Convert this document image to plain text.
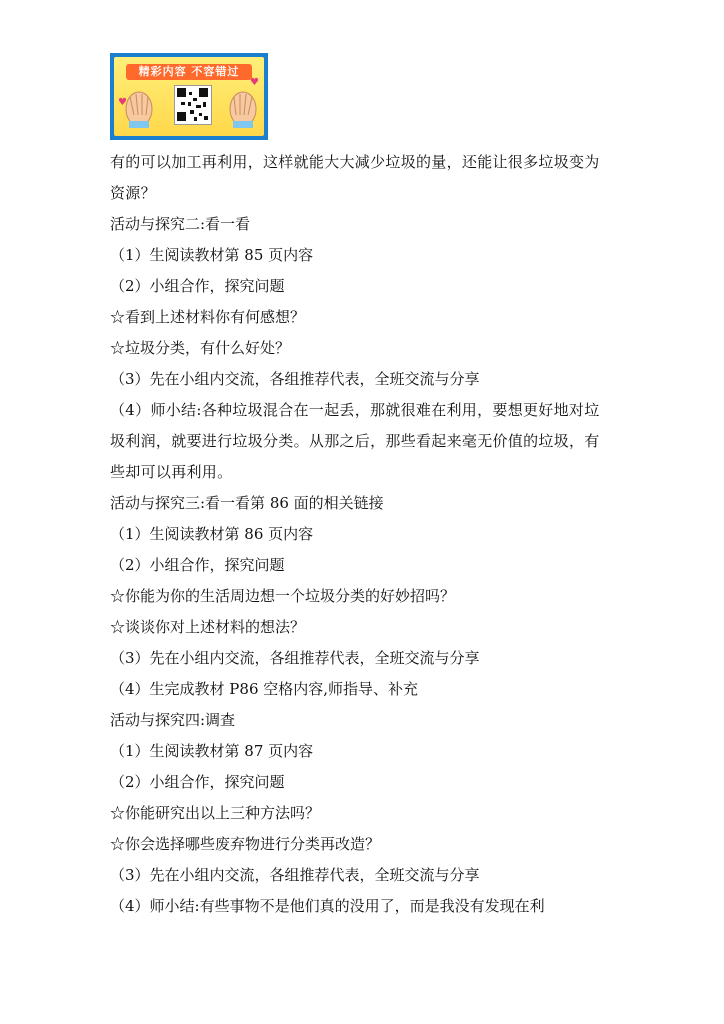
精彩内容 不容错过
♥
♥

有的可以加工再利用，这样就能大大减少垃圾的量，还能让很多垃圾变为资源？

活动与探究二:看一看

（1）生阅读教材第 85 页内容

（2）小组合作，探究问题

☆看到上述材料你有何感想？

☆垃圾分类，有什么好处？

（3）先在小组内交流，各组推荐代表，全班交流与分享

（4）师小结:各种垃圾混合在一起丢，那就很难在利用，要想更好地对垃圾利润，就要进行垃圾分类。从那之后，那些看起来毫无价值的垃圾，有些却可以再利用。

活动与探究三:看一看第 86 面的相关链接

（1）生阅读教材第 86 页内容

（2）小组合作，探究问题

☆你能为你的生活周边想一个垃圾分类的好妙招吗？

☆谈谈你对上述材料的想法？

（3）先在小组内交流，各组推荐代表，全班交流与分享

（4）生完成教材 P86 空格内容,师指导、补充

活动与探究四:调查

（1）生阅读教材第 87 页内容

（2）小组合作，探究问题

☆你能研究出以上三种方法吗？

☆你会选择哪些废弃物进行分类再改造？

（3）先在小组内交流，各组推荐代表，全班交流与分享

（4）师小结:有些事物不是他们真的没用了，而是我没有发现在利
